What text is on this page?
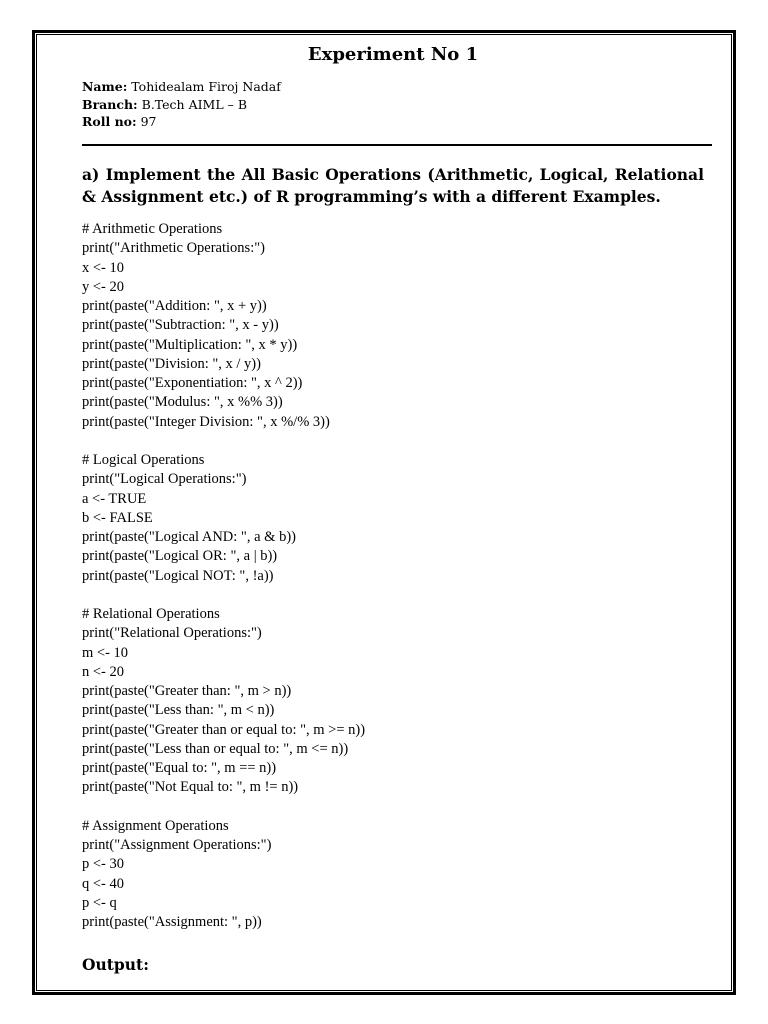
Experiment No 1
Name: Tohidealam Firoj Nadaf
Branch: B.Tech AIML – B
Roll no: 97
a) Implement the All Basic Operations (Arithmetic, Logical, Relational & Assignment etc.) of R programming’s with a different Examples.
# Arithmetic Operations
print("Arithmetic Operations:")
x <- 10
y <- 20
print(paste("Addition: ", x + y))
print(paste("Subtraction: ", x - y))
print(paste("Multiplication: ", x * y))
print(paste("Division: ", x / y))
print(paste("Exponentiation: ", x ^ 2))
print(paste("Modulus: ", x %% 3))
print(paste("Integer Division: ", x %/% 3))
# Logical Operations
print("Logical Operations:")
a <- TRUE
b <- FALSE
print(paste("Logical AND: ", a & b))
print(paste("Logical OR: ", a | b))
print(paste("Logical NOT: ", !a))
# Relational Operations
print("Relational Operations:")
m <- 10
n <- 20
print(paste("Greater than: ", m > n))
print(paste("Less than: ", m < n))
print(paste("Greater than or equal to: ", m >= n))
print(paste("Less than or equal to: ", m <= n))
print(paste("Equal to: ", m == n))
print(paste("Not Equal to: ", m != n))
# Assignment Operations
print("Assignment Operations:")
p <- 30
q <- 40
p <- q
print(paste("Assignment: ", p))
Output:
